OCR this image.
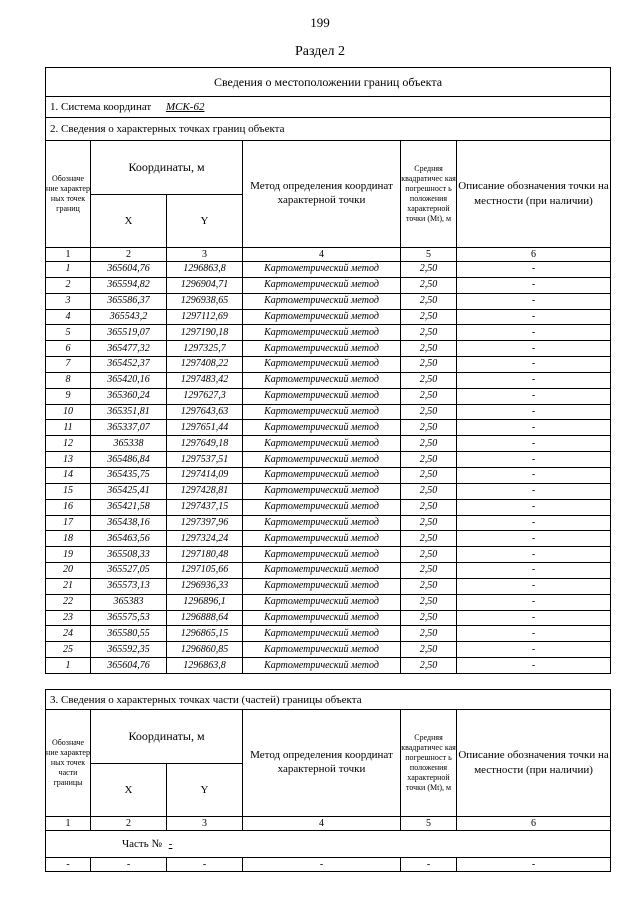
199
Раздел 2
Сведения о местоположении границ объекта					
1. Система координат МСК-62					
2. Сведения о характерных точках границ объекта					
Обозначе ние характер ных точек границ	Координаты, м		Метод определения координат характерной точки	Средняя квадратичес кая погрешност ь положения характерной точки (Mt), м	Описание обозначения точки на местности (при наличии)
	X	Y			
1	2	3	4	5	6
1	365604,76	1296863,8	Картометрический метод	2,50	-
2	365594,82	1296904,71	Картометрический метод	2,50	-
3	365586,37	1296938,65	Картометрический метод	2,50	-
4	365543,2	1297112,69	Картометрический метод	2,50	-
5	365519,07	1297190,18	Картометрический метод	2,50	-
6	365477,32	1297325,7	Картометрический метод	2,50	-
7	365452,37	1297408,22	Картометрический метод	2,50	-
8	365420,16	1297483,42	Картометрический метод	2,50	-
9	365360,24	1297627,3	Картометрический метод	2,50	-
10	365351,81	1297643,63	Картометрический метод	2,50	-
11	365337,07	1297651,44	Картометрический метод	2,50	-
12	365338	1297649,18	Картометрический метод	2,50	-
13	365486,84	1297537,51	Картометрический метод	2,50	-
14	365435,75	1297414,09	Картометрический метод	2,50	-
15	365425,41	1297428,81	Картометрический метод	2,50	-
16	365421,58	1297437,15	Картометрический метод	2,50	-
17	365438,16	1297397,96	Картометрический метод	2,50	-
18	365463,56	1297324,24	Картометрический метод	2,50	-
19	365508,33	1297180,48	Картометрический метод	2,50	-
20	365527,05	1297105,66	Картометрический метод	2,50	-
21	365573,13	1296936,33	Картометрический метод	2,50	-
22	365383	1296896,1	Картометрический метод	2,50	-
23	365575,53	1296888,64	Картометрический метод	2,50	-
24	365580,55	1296865,15	Картометрический метод	2,50	-
25	365592,35	1296860,85	Картометрический метод	2,50	-
1	365604,76	1296863,8	Картометрический метод	2,50	-
3. Сведения о характерных точках части (частей) границы объекта					
Обозначе ние характер ных точек части границы	Координаты, м		Метод определения координат характерной точки	Средняя квадратичес кая погрешност ь положения характерной точки (Mt), м	Описание обозначения точки на местности (при наличии)
	X	Y			
1	2	3	4	5	6
Часть № -					
-	-	-	-	-	-
